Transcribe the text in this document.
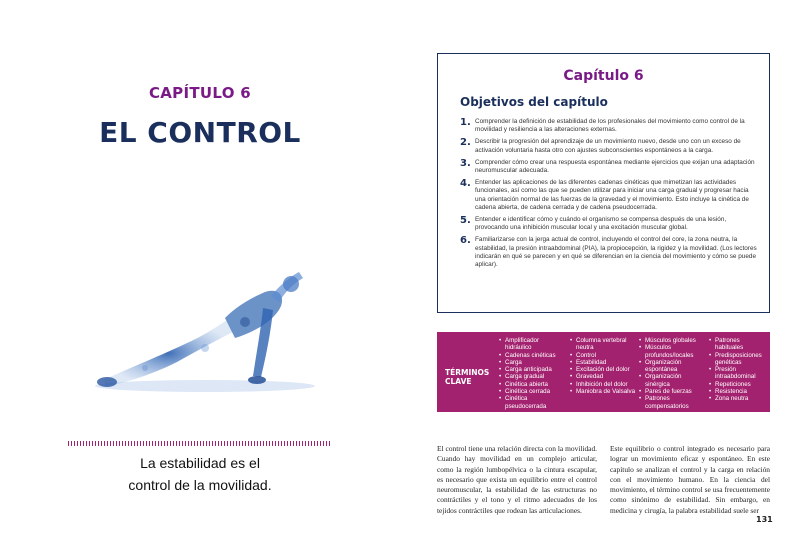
CAPÍTULO 6
EL CONTROL
La estabilidad es el
control de la movilidad.
Capítulo 6
Objetivos del capítulo
1. Comprender la definición de estabilidad de los profesionales del movimiento como control de la movilidad y resiliencia a las alteraciones externas.
2. Describir la progresión del aprendizaje de un movimiento nuevo, desde uno con un exceso de activación voluntaria hasta otro con ajustes subconscientes espontáneos a la carga.
3. Comprender cómo crear una respuesta espontánea mediante ejercicios que exijan una adaptación neuromuscular adecuada.
4. Entender las aplicaciones de las diferentes cadenas cinéticas que mimetizan las actividades funcionales, así como las que se pueden utilizar para iniciar una carga gradual y progresar hacia una orientación normal de las fuerzas de la gravedad y el movimiento. Esto incluye la cinética de cadena abierta, de cadena cerrada y de cadena pseudocerrada.
5. Entender e identificar cómo y cuándo el organismo se compensa después de una lesión, provocando una inhibición muscular local y una excitación muscular global.
6. Familiarizarse con la jerga actual de control, incluyendo el control del core, la zona neutra, la estabilidad, la presión intraabdominal (PIA), la propiocepción, la rigidez y la movilidad. (Los lectores indicarán en qué se parecen y en qué se diferencian en la ciencia del movimiento y cómo se puede aplicar).
TÉRMINOS
CLAVE
• Amplificador hidráulico
• Cadenas cinéticas
• Carga
• Carga anticipada
• Carga gradual
• Cinética abierta
• Cinética cerrada
• Cinética pseudocerrada
• Columna vertebral neutra
• Control
• Estabilidad
• Excitación del dolor
• Gravedad
• Inhibición del dolor
• Maniobra de Valsalva
• Músculos globales
• Músculos profundos/locales
• Organización espontánea
• Organización sinérgica
• Pares de fuerzas
• Patrones compensatorios
• Patrones habituales
• Predisposiciones genéticas
• Presión intraabdominal
• Repeticiones
• Resistencia
• Zona neutra
El control tiene una relación directa con la movilidad. Cuando hay movilidad en un complejo articular, como la región lumbopélvica o la cintura escapular, es necesario que exista un equilibrio entre el control neuromuscular, la estabilidad de las estructuras no contráctiles y el tono y el ritmo adecuados de los tejidos contráctiles que rodean las articulaciones.
Este equilibrio o control integrado es necesario para lograr un movimiento eficaz y espontáneo. En este capítulo se analizan el control y la carga en relación con el movimiento humano. En la ciencia del movimiento, el término control se usa frecuentemente como sinónimo de estabilidad. Sin embargo, en medicina y cirugía, la palabra estabilidad suele ser
131
